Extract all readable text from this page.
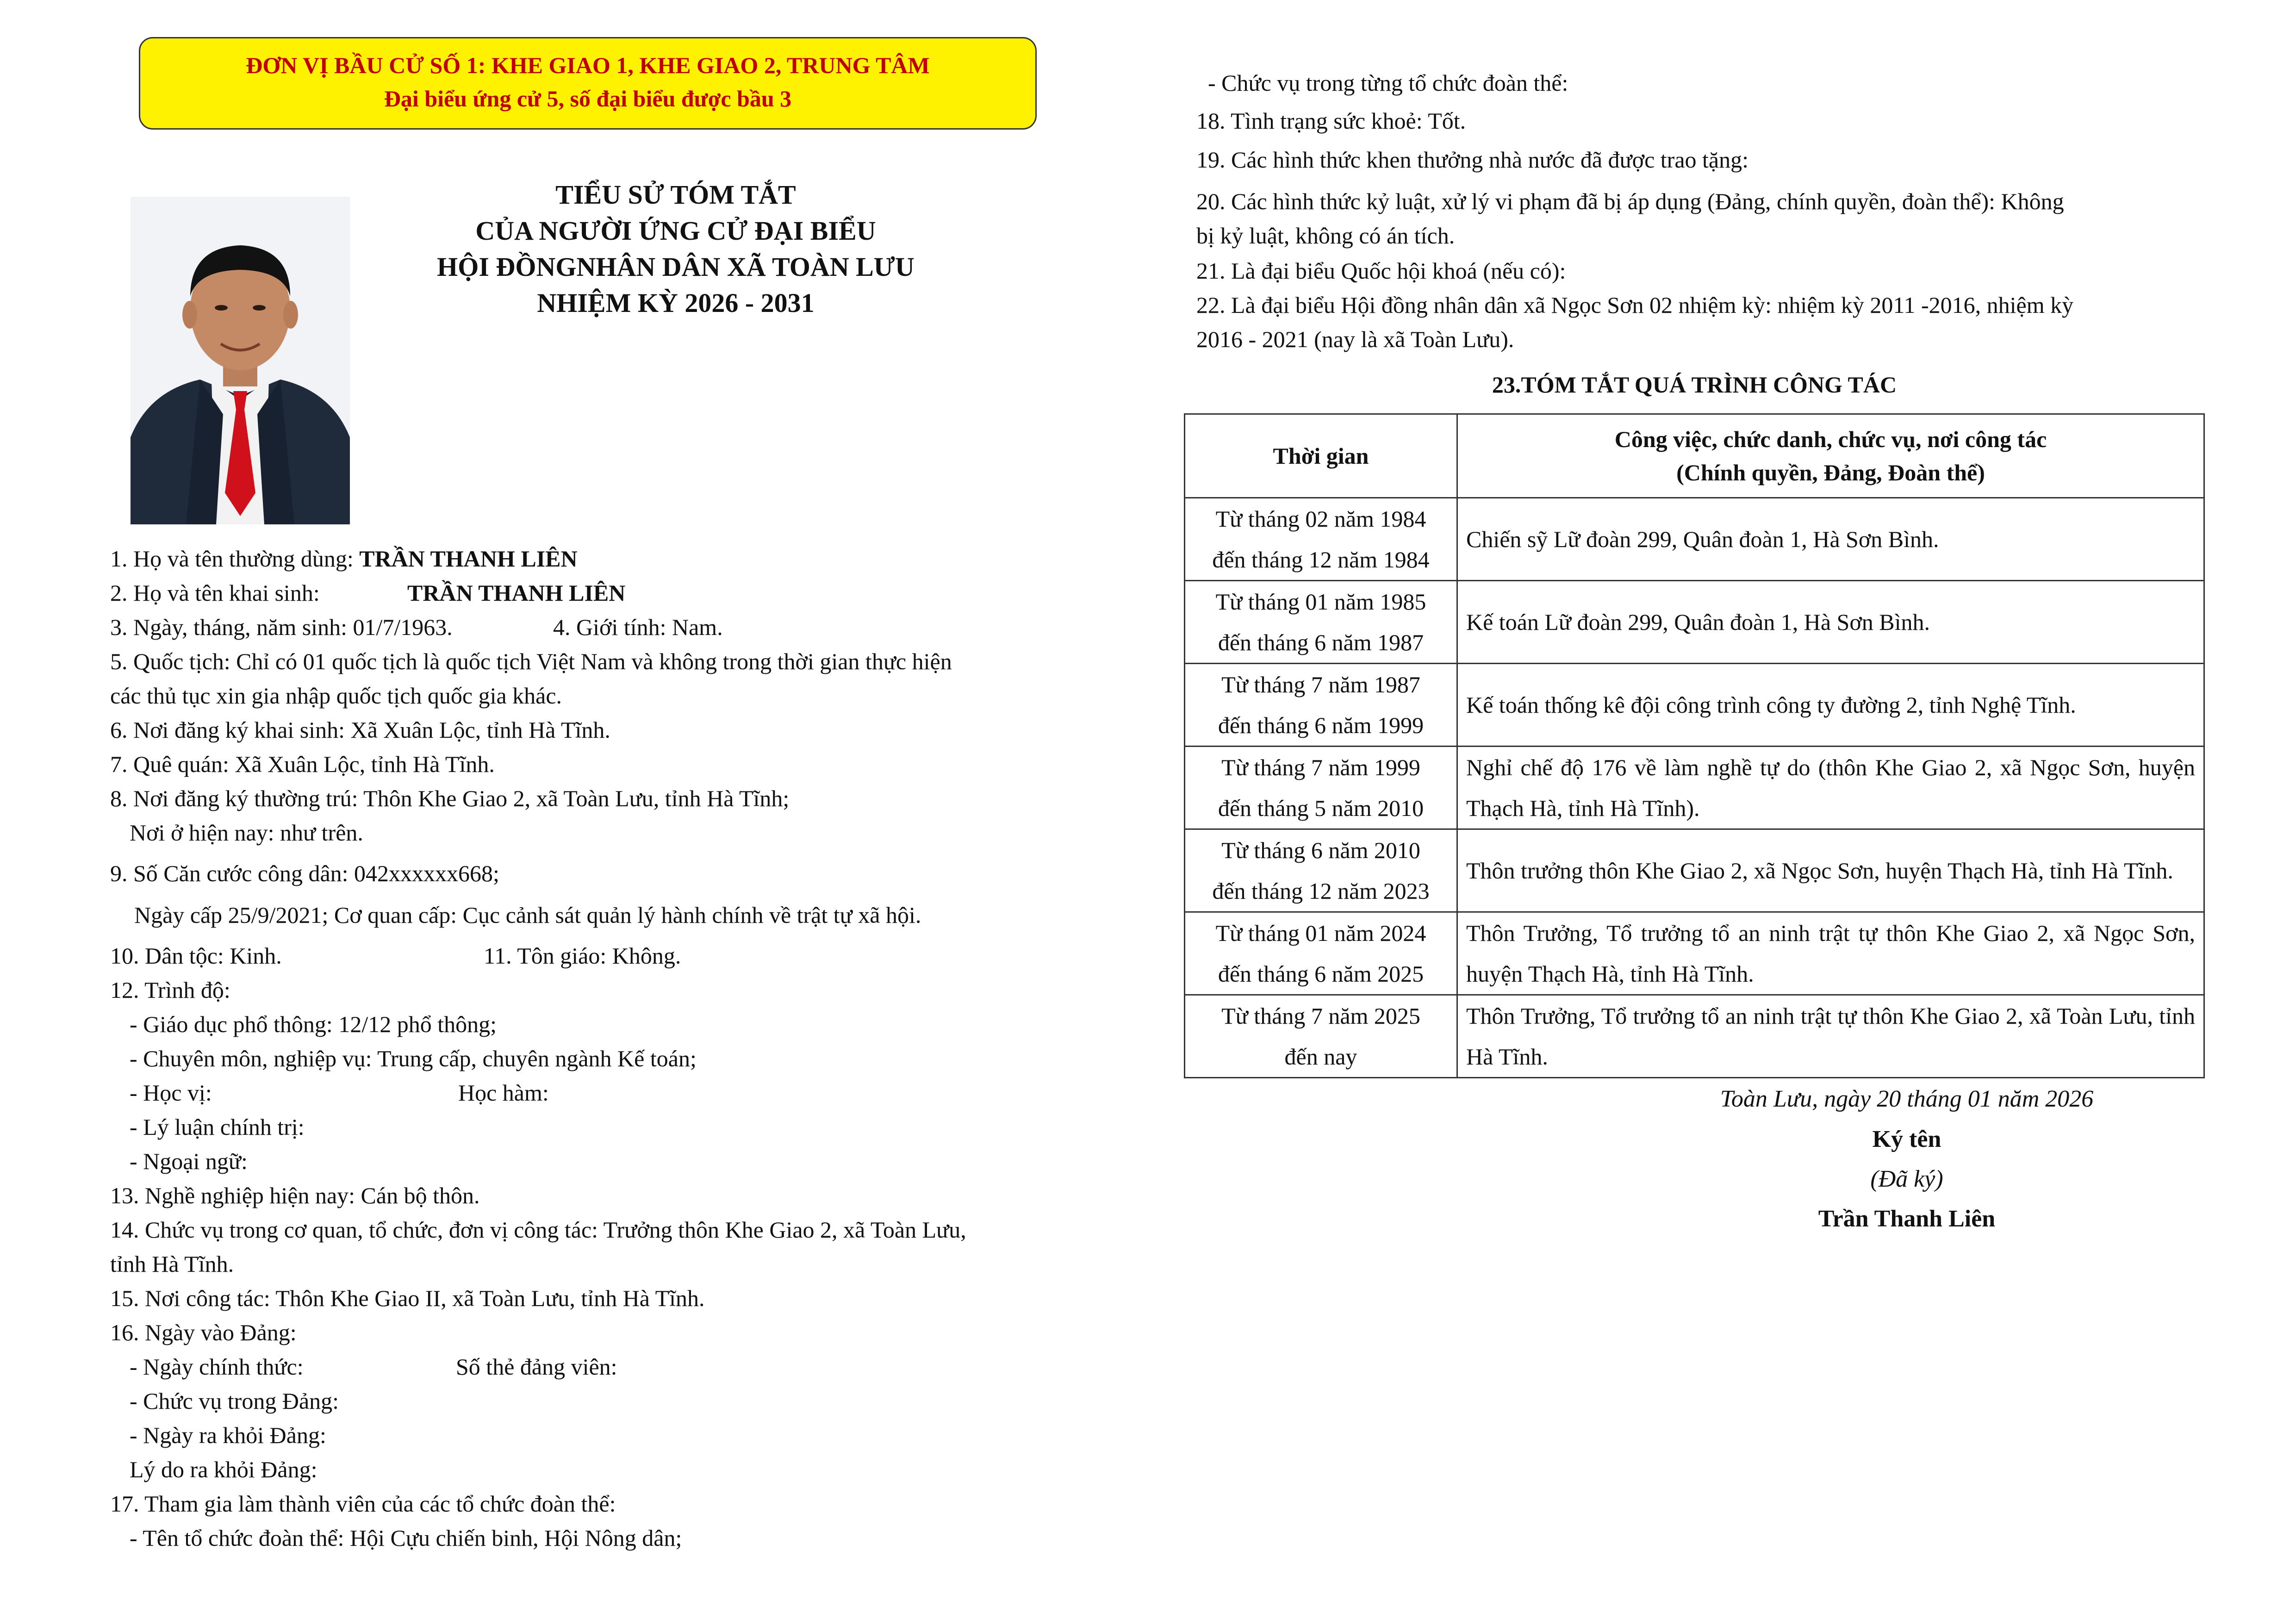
ĐƠN VỊ BẦU CỬ SỐ 1: KHE GIAO 1, KHE GIAO 2, TRUNG TÂM
Đại biểu ứng cử 5, số đại biểu được bầu 3
TIỂU SỬ TÓM TẮT
CỦA NGƯỜI ỨNG CỬ ĐẠI BIỂU
HỘI ĐỒNGNHÂN DÂN XÃ TOÀN LƯU
NHIỆM KỲ 2026 - 2031
1. Họ và tên thường dùng: TRẦN THANH LIÊN
2. Họ và tên khai sinh:	TRẦN THANH LIÊN
3. Ngày, tháng, năm sinh: 01/7/1963.	4. Giới tính: Nam.
5. Quốc tịch: Chỉ có 01 quốc tịch là quốc tịch Việt Nam và không trong thời gian thực hiện
các thủ tục xin gia nhập quốc tịch quốc gia khác.
6. Nơi đăng ký khai sinh: Xã Xuân Lộc, tỉnh Hà Tĩnh.
7. Quê quán: Xã Xuân Lộc, tỉnh Hà Tĩnh.
8. Nơi đăng ký thường trú: Thôn Khe Giao 2, xã Toàn Lưu, tỉnh Hà Tĩnh;
Nơi ở hiện nay: như trên.
9. Số Căn cước công dân: 042xxxxxx668;
Ngày cấp 25/9/2021; Cơ quan cấp: Cục cảnh sát quản lý hành chính về trật tự xã hội.
10. Dân tộc: Kinh.	11. Tôn giáo: Không.
12. Trình độ:
- Giáo dục phổ thông: 12/12 phổ thông;
- Chuyên môn, nghiệp vụ: Trung cấp, chuyên ngành Kế toán;
- Học vị:	Học hàm:
- Lý luận chính trị:
- Ngoại ngữ:
13. Nghề nghiệp hiện nay: Cán bộ thôn.
14. Chức vụ trong cơ quan, tổ chức, đơn vị công tác: Trưởng thôn Khe Giao 2, xã Toàn Lưu,
tỉnh Hà Tĩnh.
15. Nơi công tác: Thôn Khe Giao II, xã Toàn Lưu, tỉnh Hà Tĩnh.
16. Ngày vào Đảng:
- Ngày chính thức:	Số thẻ đảng viên:
- Chức vụ trong Đảng:
- Ngày ra khỏi Đảng:
Lý do ra khỏi Đảng:
17. Tham gia làm thành viên của các tổ chức đoàn thể:
- Tên tổ chức đoàn thể: Hội Cựu chiến binh, Hội Nông dân;
- Chức vụ trong từng tổ chức đoàn thể:
18. Tình trạng sức khoẻ: Tốt.
19. Các hình thức khen thưởng nhà nước đã được trao tặng:
20. Các hình thức kỷ luật, xử lý vi phạm đã bị áp dụng (Đảng, chính quyền, đoàn thể): Không
bị kỷ luật, không có án tích.
21. Là đại biểu Quốc hội khoá (nếu có):
22. Là đại biểu Hội đồng nhân dân xã Ngọc Sơn 02 nhiệm kỳ: nhiệm kỳ 2011 -2016, nhiệm kỳ
2016 - 2021 (nay là xã Toàn Lưu).
23.TÓM TẮT QUÁ TRÌNH CÔNG TÁC
Thời gian	Công việc, chức danh, chức vụ, nơi công tác
(Chính quyền, Đảng, Đoàn thể)

Từ tháng 02 năm 1984
đến tháng 12 năm 1984	Chiến sỹ Lữ đoàn 299, Quân đoàn 1, Hà Sơn Bình.

Từ tháng 01 năm 1985
đến tháng 6 năm 1987	Kế toán Lữ đoàn 299, Quân đoàn 1, Hà Sơn Bình.

Từ tháng 7 năm 1987
đến tháng 6 năm 1999	Kế toán thống kê đội công trình công ty đường 2, tỉnh Nghệ Tĩnh.

Từ tháng 7 năm 1999
đến tháng 5 năm 2010	Nghỉ chế độ 176 về làm nghề tự do (thôn Khe Giao 2, xã Ngọc Sơn, huyện Thạch Hà, tỉnh Hà Tĩnh).

Từ tháng 6 năm 2010
đến tháng 12 năm 2023	Thôn trưởng thôn Khe Giao 2, xã Ngọc Sơn, huyện Thạch Hà, tỉnh Hà Tĩnh.

Từ tháng 01 năm 2024
đến tháng 6 năm 2025	Thôn Trưởng, Tổ trưởng tổ an ninh trật tự thôn Khe Giao 2, xã Ngọc Sơn, huyện Thạch Hà, tỉnh Hà Tĩnh.

Từ tháng 7 năm 2025
đến nay	Thôn Trưởng, Tổ trưởng tổ an ninh trật tự thôn Khe Giao 2, xã Toàn Lưu, tỉnh Hà Tĩnh.
Toàn Lưu, ngày 20 tháng 01 năm 2026
Ký tên
(Đã ký)
Trần Thanh Liên
